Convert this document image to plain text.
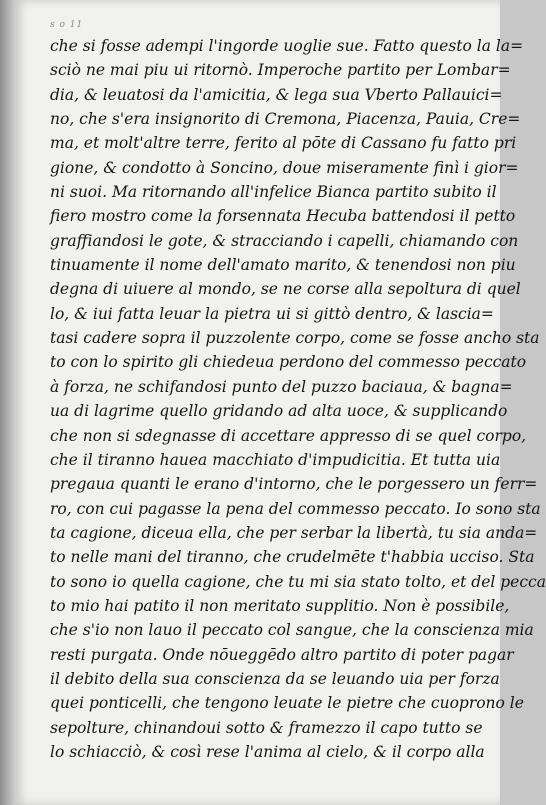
s o 11
che si fosse adempi l'ingorde uoglie sue. Fatto questo la la=
sciò ne mai piu ui ritornò. Imperoche partito per Lombar=
dia, & leuatosi da l'amicitia, & lega sua Vberto Pallauici=
no, che s'era insignorito di Cremona, Piacenza, Pauia, Cre=
ma, et molt'altre terre, ferito al pōte di Cassano fu fatto pri
gione, & condotto à Soncino, doue miseramente finì i gior=
ni suoi. Ma ritornando all'infelice Bianca partito subito il
fiero mostro come la forsennata Hecuba battendosi il petto
graffiandosi le gote, & stracciando i capelli, chiamando con
tinuamente il nome dell'amato marito, & tenendosi non piu
degna di uiuere al mondo, se ne corse alla sepoltura di quel
lo, & iui fatta leuar la pietra ui si gittò dentro, & lascia=
tasi cadere sopra il puzzolente corpo, come se fosse ancho sta
to con lo spirito gli chiedeua perdono del commesso peccato
à forza, ne schifandosi punto del puzzo baciaua, & bagna=
ua di lagrime quello gridando ad alta uoce, & supplicando
che non si sdegnasse di accettare appresso di se quel corpo,
che il tiranno hauea macchiato d'impudicitia. Et tutta uia
pregaua quanti le erano d'intorno, che le porgessero un ferr=
ro, con cui pagasse la pena del commesso peccato. Io sono sta
ta cagione, diceua ella, che per serbar la libertà, tu sia anda=
to nelle mani del tiranno, che crudelmēte t'habbia ucciso. Sta
to sono io quella cagione, che tu mi sia stato tolto, et del pecca
to mio hai patito il non meritato supplitio. Non è possibile,
che s'io non lauo il peccato col sangue, che la conscienza mia
resti purgata. Onde nōueggēdo altro partito di poter pagar
il debito della sua conscienza da se leuando uia per forza
quei ponticelli, che tengono leuate le pietre che cuoprono le
sepolture, chinandoui sotto & framezzo il capo tutto se
lo schiacciò, & così rese l'anima al cielo, & il corpo alla
